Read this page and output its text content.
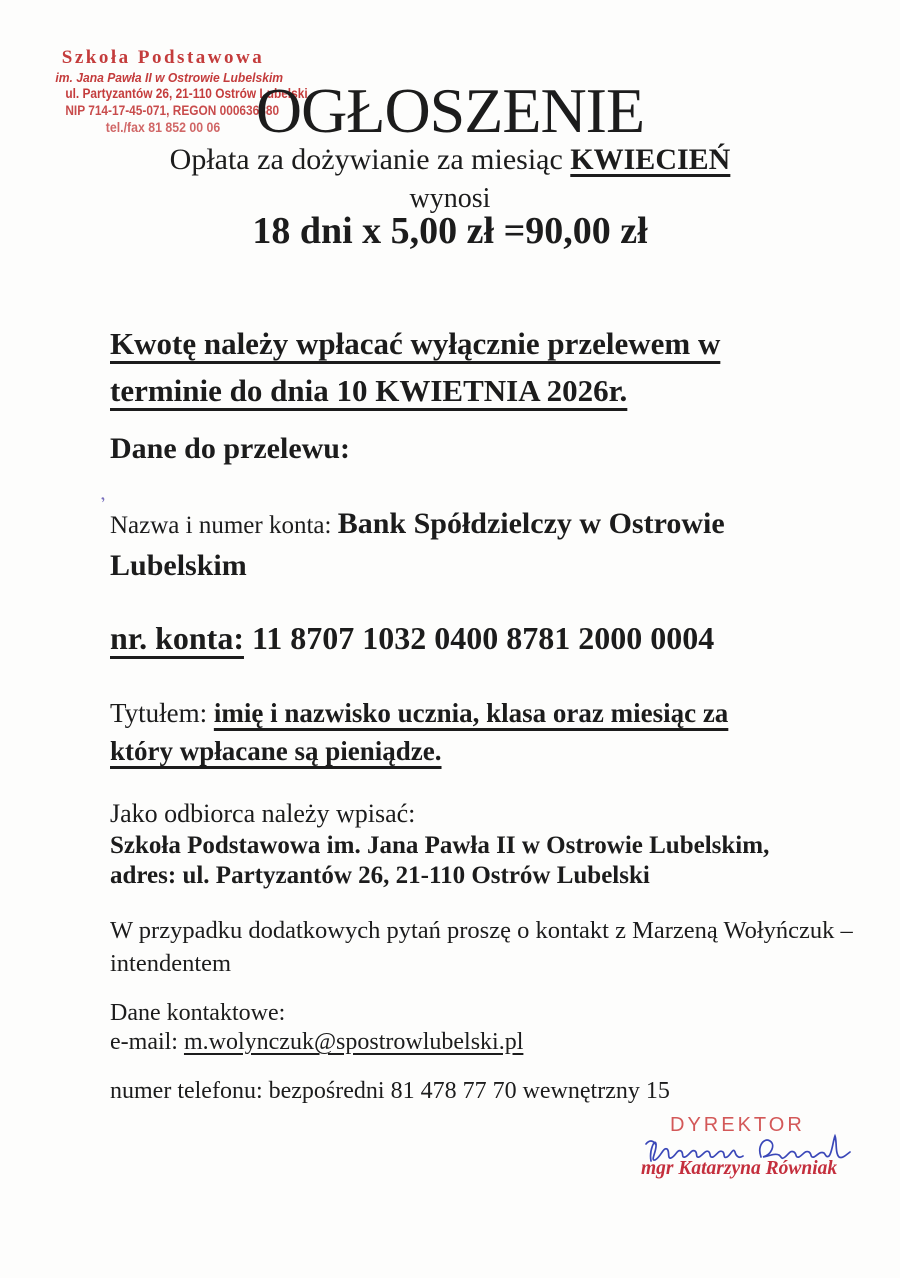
Szkoła Podstawowa
im. Jana Pawła II w Ostrowie Lubelskim
ul. Partyzantów 26, 21-110 Ostrów Lubelski
NIP 714-17-45-071, REGON 000636880
tel./fax 81 852 00 06 OGŁOSZENIE
Opłata za dożywianie za miesiąc KWIECIEŃ
wynosi
18 dni x 5,00 zł =90,00 zł
Kwotę należy wpłacać wyłącznie przelewem w
terminie do dnia 10 KWIETNIA 2026r.
Dane do przelewu:
ʼ
Nazwa i numer konta: Bank Spółdzielczy w Ostrowie
Lubelskim
nr. konta: 11 8707 1032 0400 8781 2000 0004
Tytułem: imię i nazwisko ucznia, klasa oraz miesiąc za
który wpłacane są pieniądze.
Jako odbiorca należy wpisać:
Szkoła Podstawowa im. Jana Pawła II w Ostrowie Lubelskim,
adres: ul. Partyzantów 26, 21-110 Ostrów Lubelski
W przypadku dodatkowych pytań proszę o kontakt z Marzeną Wołyńczuk –
intendentem
Dane kontaktowe:
e-mail: m.wolynczuk@spostrowlubelski.pl
numer telefonu: bezpośredni 81 478 77 70 wewnętrzny 15
DYREKTOR
mgr Katarzyna Równiak
